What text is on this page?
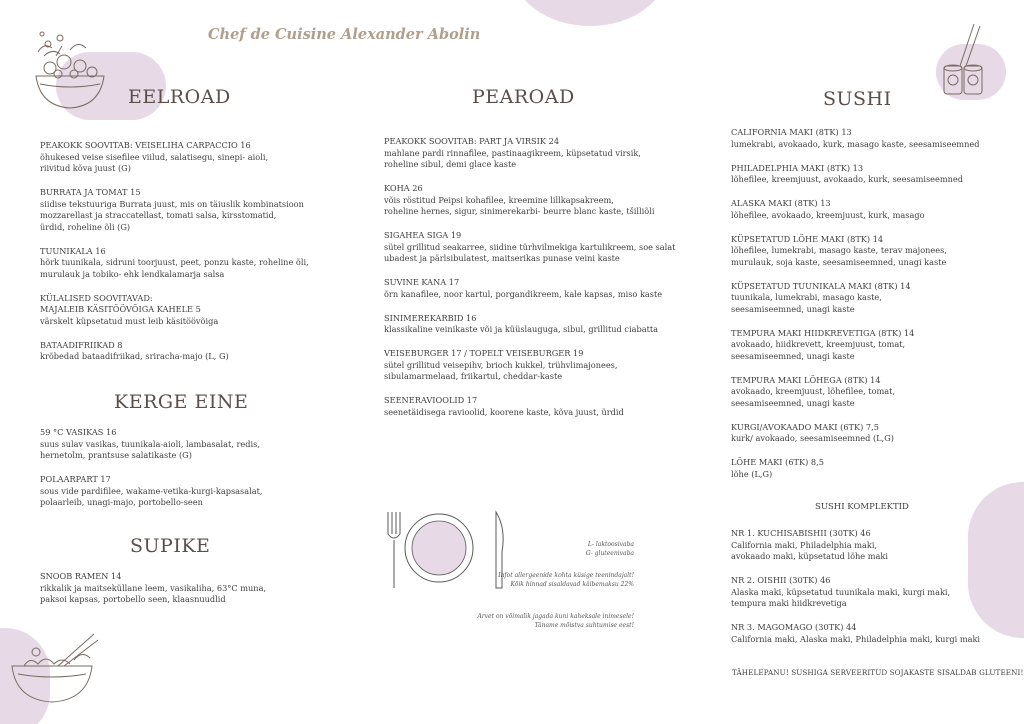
Chef de Cuisine Alexander Abolin
EELROAD	PEAROAD	SUSHI
KERGE EINE
SUPIKE
SUSHI KOMPLEKTID
PEAKOKK SOOVITAB: VEISELIHA CARPACCIO 16
õhukesed veise sisefilee viilud, salatisegu, sinepi- aioli,
riivitud kõva juust (G)
BURRATA JA TOMAT 15
siidise tekstuuriga Burrata juust, mis on täiuslik kombinatsioon
mozzarellast ja straccatellast, tomati salsa, kirsstomatid,
ürdid, roheline õli (G)
TUUNIKALA 16
hõrk tuunikala, sidruni toorjuust, peet, ponzu kaste, roheline õli,
murulauk ja tobiko- ehk lendkalamarja salsa
KÜLALISED SOOVITAVAD:
MAJALEIB KÄSITÖÖVÕIGA KAHELE 5
värskelt küpsetatud must leib käsitöövõiga
BATAADIFRIIKAD 8
krõbedad bataadifriikad, sriracha-majo (L, G)
59 °C VASIKAS 16
suus sulav vasikas, tuunikala-aioli, lambasalat, redis,
hernetolm, prantsuse salatikaste (G)
POLAARPART 17
sous vide pardifilee, wakame-vetika-kurgi-kapsasalat,
polaarleib, unagi-majo, portobello-seen
SNOOB RAMEN 14
rikkalik ja maitseküllane leem, vasikaliha, 63°C muna,
paksoi kapsas, portobello seen, klaasnuudlid
PEAKOKK SOOVITAB: PART JA VIRSIK 24
mahlane pardi rinnafilee, pastinaagikreem, küpsetatud virsik,
roheline sibul, demi glace kaste
KOHA 26
võis röstitud Peipsi kohafilee, kreemine lillkapsakreem,
roheline hernes, sigur, sinimerekarbi- beurre blanc kaste, tšilliõli
SIGAHEA SIGA 19
sütel grillitud seakarree, siidine türhvilmekiga kartulikreem, soe salat
ubadest ja pärlsibulatest, maitserikas punase veini kaste
SUVINE KANA 17
õrn kanafilee, noor kartul, porgandikreem, kale kapsas, miso kaste
SINIMEREKARBID 16
klassikaline veinikaste või ja küüslauguga, sibul, grillitud ciabatta
VEISEBURGER 17 / TOPELT VEISEBURGER 19
sütel grillitud veisepihv, brioch kukkel, trühvlimajonees,
sibulamarmelaad, friikartul, cheddar-kaste
SEENERAVIOOLID 17
seenetäidisega ravioolid, koorene kaste, kõva juust, ürdid
CALIFORNIA MAKI (8TK) 13
lumekrabi, avokaado, kurk, masago kaste, seesamiseemned
PHILADELPHIA MAKI (8TK) 13
lõhefilee, kreemjuust, avokaado, kurk, seesamiseemned
ALASKA MAKI (8TK) 13
lõhefilee, avokaado, kreemjuust, kurk, masago
KÜPSETATUD LÕHE MAKI (8TK) 14
lõhefilee, lumekrabi, masago kaste, terav majonees,
murulauk, soja kaste, seesamiseemned, unagi kaste
KÜPSETATUD TUUNIKALA MAKI (8TK) 14
tuunikala, lumekrabi, masago kaste,
seesamiseemned, unagi kaste
TEMPURA MAKI HIIDKREVETIGA (8TK) 14
avokaado, hiidkrevett, kreemjuust, tomat,
seesamiseemned, unagi kaste
TEMPURA MAKI LÕHEGA (8TK) 14
avokaado, kreemjuust, lõhefilee, tomat,
seesamiseemned, unagi kaste
KURGI/AVOKAADO MAKI (6TK) 7,5
kurk/ avokaado, seesamiseemned (L,G)
LÕHE MAKI (6TK) 8,5
lõhe (L,G)
NR 1. KUCHISABISHII (30TK) 46
California maki, Philadelphia maki,
avokaado maki, küpsetatud lõhe maki
NR 2. OISHII (30TK) 46
Alaska maki, küpsetatud tuunikala maki, kurgi maki,
tempura maki hiidkrevetiga
NR 3. MAGOMAGO (30TK) 44
California maki, Alaska maki, Philadelphia maki, kurgi maki
L- laktoosivaba
G- gluteenivaba
Infot allergeenide kohta küsige teenindajalt!
Kõik hinnad sisaldavad käibemaksu 22%
Arvet on võimalik jagada kuni kaheksale inimesele!
Täname mõistva suhtumise eest!
TÄHELEPANU! SUSHIGA SERVEERITUD SOJAKASTE SISALDAB GLUTEENI!
